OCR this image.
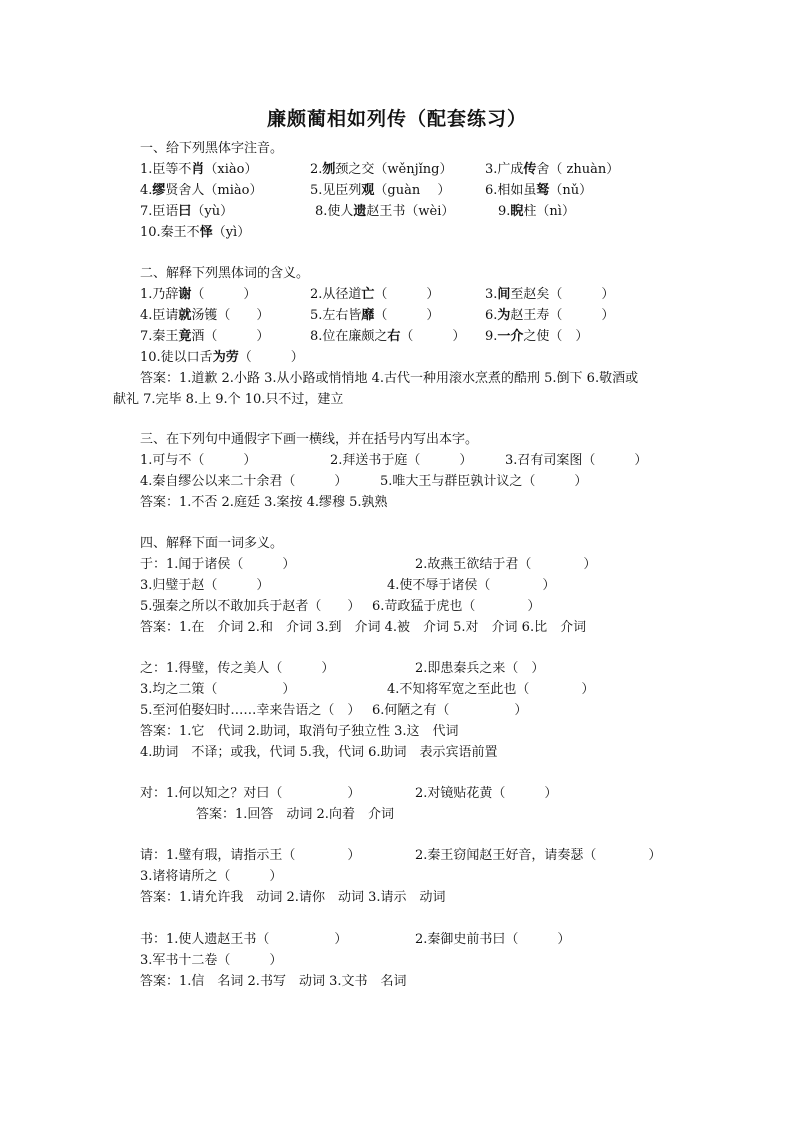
廉颇蔺相如列传（配套练习）
一、给下列黑体字注音。
1.臣等不肖（xiào）	2.刎颈之交（wěnjǐng）	3.广成传舍（ zhuàn）
4.缪贤舍人（miào）	5.见臣列观（guàn　 ）	6.相如虽驽（nǔ）
7.臣语曰（yù）	8.使人遗赵王书（wèi）	9.睨柱（nì）
10.秦王不怿（yì）
二、解释下列黑体词的含义。
1.乃辞谢（　　　）	2.从径道亡（　　　）	3.间至赵矣（　　　）
4.臣请就汤镬（　　）	5.左右皆靡（　　　）	6.为赵王寿（　　　）
7.秦王竟酒（　　　）	8.位在廉颇之右（　　　） 9.一介之使（　）
10.徒以口舌为劳（　　　）
答案：1.道歉 2.小路 3.从小路或悄悄地 4.古代一种用滚水烹煮的酷刑 5.倒下 6.敬酒或
献礼 7.完毕 8.上 9.个 10.只不过，建立
三、在下列句中通假字下画一横线，并在括号内写出本字。
1.可与不（　　　）	2.拜送书于庭（　　　）	3.召有司案图（　　　）
4.秦自缪公以来二十余君（　　　）	5.唯大王与群臣孰计议之（　　　）
答案：1.不否 2.庭廷 3.案按 4.缪穆 5.孰熟
四、解释下面一词多义。
于：1.闻于诸侯（　　　）	2.故燕王欲结于君（　　　　）
3.归璧于赵（　　　）	4.使不辱于诸侯（　　　　）
5.强秦之所以不敢加兵于赵者（　　） 6.苛政猛于虎也（　　　　）
答案：1.在　介词 2.和　介词 3.到　介词 4.被　介词 5.对　介词 6.比　介词
之：1.得璧，传之美人（　　　）	2.即患秦兵之来（　）
3.均之二策（　　　　　）	4.不知将军宽之至此也（　　　　）
5.至河伯娶妇时……幸来告语之（　） 6.何陋之有（　　　　　）
答案：1.它　代词 2.助词，取消句子独立性 3.这　代词
4.助词　不译；或我，代词 5.我，代词 6.助词　表示宾语前置
对：1.何以知之？对曰（　　　　　）	2.对镜贴花黄（　　　）
答案：1.回答　动词 2.向着　介词
请：1.璧有瑕，请指示王（　　　　）	2.秦王窃闻赵王好音，请奏瑟（　　　　）
3.诸将请所之（　　　）
答案：1.请允许我　动词 2.请你　动词 3.请示　动词
书：1.使人遗赵王书（　　　　　）	2.秦御史前书曰（　　　）
3.军书十二卷（　　　）
答案：1.信　名词 2.书写　动词 3.文书　名词
